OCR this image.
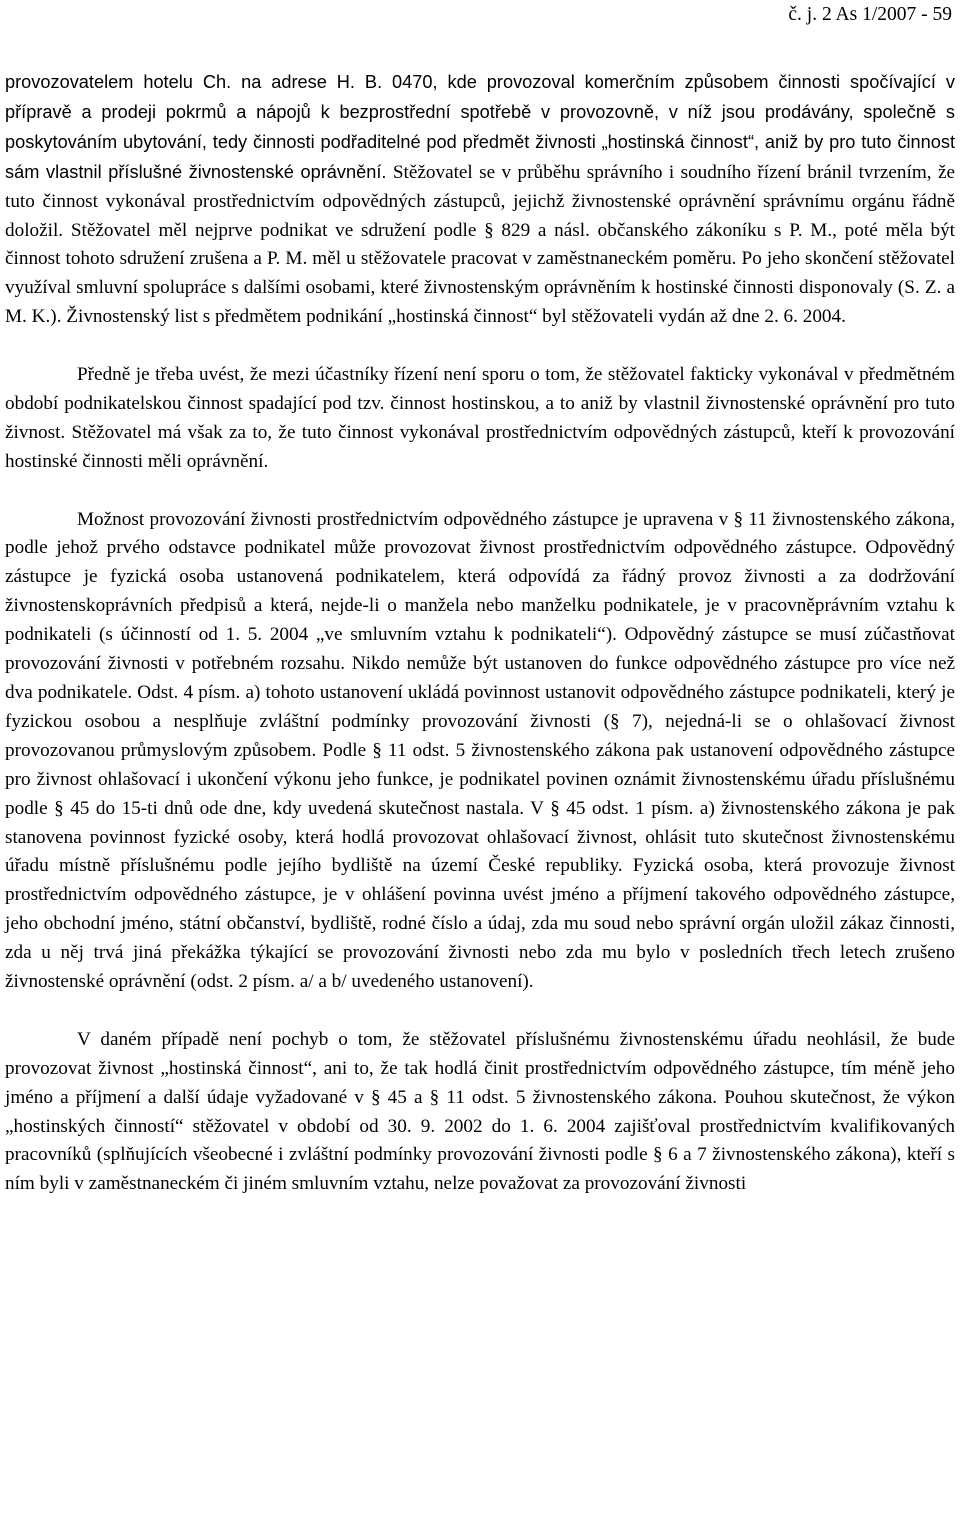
č. j. 2 As 1/2007 - 59

provozovatelem hotelu Ch. na adrese H. B. 0470, kde provozoval komerčním způsobem činnosti spočívající v přípravě a prodeji pokrmů a nápojů k bezprostřední spotřebě v provozovně, v níž jsou prodávány, společně s poskytováním ubytování, tedy činnosti podřaditelné pod předmět živnosti „hostinská činnost“, aniž by pro tuto činnost sám vlastnil příslušné živnostenské oprávnění. Stěžovatel se v průběhu správního i soudního řízení bránil tvrzením, že tuto činnost vykonával prostřednictvím odpovědných zástupců, jejichž živnostenské oprávnění správnímu orgánu řádně doložil. Stěžovatel měl nejprve podnikat ve sdružení podle § 829 a násl. občanského zákoníku s P. M., poté měla být činnost tohoto sdružení zrušena a P. M. měl u stěžovatele pracovat v zaměstnaneckém poměru. Po jeho skončení stěžovatel využíval smluvní spolupráce s dalšími osobami, které živnostenským oprávněním k hostinské činnosti disponovaly (S. Z. a M. K.). Živnostenský list s předmětem podnikání „hostinská činnost“ byl stěžovateli vydán až dne 2. 6. 2004.

Předně je třeba uvést, že mezi účastníky řízení není sporu o tom, že stěžovatel fakticky vykonával v předmětném období podnikatelskou činnost spadající pod tzv. činnost hostinskou, a to aniž by vlastnil živnostenské oprávnění pro tuto živnost. Stěžovatel má však za to, že tuto činnost vykonával prostřednictvím odpovědných zástupců, kteří k provozování hostinské činnosti měli oprávnění.

Možnost provozování živnosti prostřednictvím odpovědného zástupce je upravena v § 11 živnostenského zákona, podle jehož prvého odstavce podnikatel může provozovat živnost prostřednictvím odpovědného zástupce. Odpovědný zástupce je fyzická osoba ustanovená podnikatelem, která odpovídá za řádný provoz živnosti a za dodržování živnostenskoprávních předpisů a která, nejde-li o manžela nebo manželku podnikatele, je v pracovněprávním vztahu k podnikateli (s účinností od 1. 5. 2004 „ve smluvním vztahu k podnikateli“). Odpovědný zástupce se musí zúčastňovat provozování živnosti v potřebném rozsahu. Nikdo nemůže být ustanoven do funkce odpovědného zástupce pro více než dva podnikatele. Odst. 4 písm. a) tohoto ustanovení ukládá povinnost ustanovit odpovědného zástupce podnikateli, který je fyzickou osobou a nesplňuje zvláštní podmínky provozování živnosti (§ 7), nejedná-li se o ohlašovací živnost provozovanou průmyslovým způsobem. Podle § 11 odst. 5 živnostenského zákona pak ustanovení odpovědného zástupce pro živnost ohlašovací i ukončení výkonu jeho funkce, je podnikatel povinen oznámit živnostenskému úřadu příslušnému podle § 45 do 15-ti dnů ode dne, kdy uvedená skutečnost nastala. V § 45 odst. 1 písm. a) živnostenského zákona je pak stanovena povinnost fyzické osoby, která hodlá provozovat ohlašovací živnost, ohlásit tuto skutečnost živnostenskému úřadu místně příslušnému podle jejího bydliště na území České republiky. Fyzická osoba, která provozuje živnost prostřednictvím odpovědného zástupce, je v ohlášení povinna uvést jméno a příjmení takového odpovědného zástupce, jeho obchodní jméno, státní občanství, bydliště, rodné číslo a údaj, zda mu soud nebo správní orgán uložil zákaz činnosti, zda u něj trvá jiná překážka týkající se provozování živnosti nebo zda mu bylo v posledních třech letech zrušeno živnostenské oprávnění (odst. 2 písm. a/ a b/ uvedeného ustanovení).

V daném případě není pochyb o tom, že stěžovatel příslušnému živnostenskému úřadu neohlásil, že bude provozovat živnost „hostinská činnost“, ani to, že tak hodlá činit prostřednictvím odpovědného zástupce, tím méně jeho jméno a příjmení a další údaje vyžadované v § 45 a § 11 odst. 5 živnostenského zákona. Pouhou skutečnost, že výkon „hostinských činností“ stěžovatel v období od 30. 9. 2002 do 1. 6. 2004 zajišťoval prostřednictvím kvalifikovaných pracovníků (splňujících všeobecné i zvláštní podmínky provozování živnosti podle § 6 a 7 živnostenského zákona), kteří s ním byli v zaměstnaneckém či jiném smluvním vztahu, nelze považovat za provozování živnosti
